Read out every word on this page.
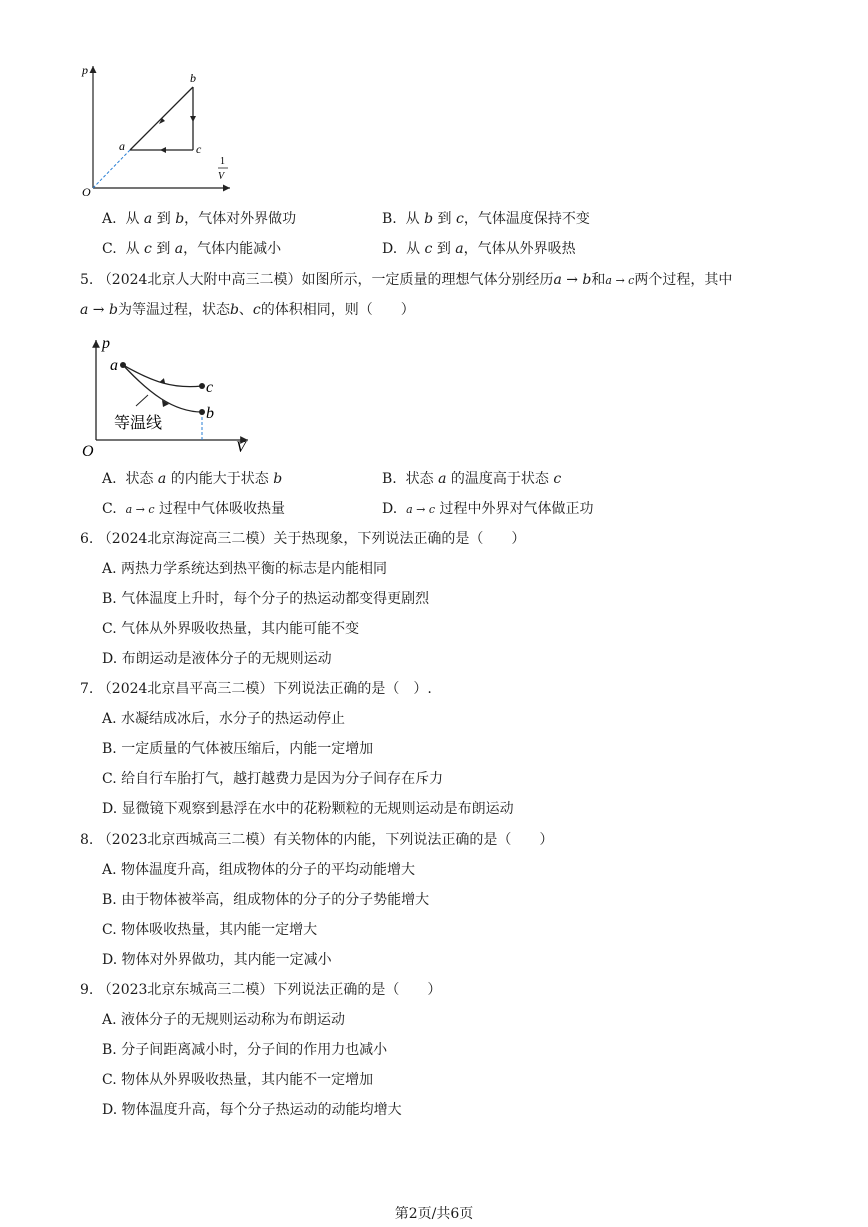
p
b
a	c
O
1
V
A. 从 a 到 b，气体对外界做功	B. 从 b 到 c，气体温度保持不变
C. 从 c 到 a，气体内能减小	D. 从 c 到 a，气体从外界吸热
5. （2024北京人大附中高三二模）如图所示，一定质量的理想气体分别经历a → b和a → c两个过程，其中
a → b为等温过程，状态b、c的体积相同，则（　　）
p
a
c
b
等温线
V
O
A. 状态 a 的内能大于状态 b	B. 状态 a 的温度高于状态 c
C. a → c 过程中气体吸收热量	D. a → c 过程中外界对气体做正功
6. （2024北京海淀高三二模）关于热现象，下列说法正确的是（　　）
A. 两热力学系统达到热平衡的标志是内能相同
B. 气体温度上升时，每个分子的热运动都变得更剧烈
C. 气体从外界吸收热量，其内能可能不变
D. 布朗运动是液体分子的无规则运动
7. （2024北京昌平高三二模）下列说法正确的是（　）.
A. 水凝结成冰后，水分子的热运动停止
B. 一定质量的气体被压缩后，内能一定增加
C. 给自行车胎打气，越打越费力是因为分子间存在斥力
D. 显微镜下观察到悬浮在水中的花粉颗粒的无规则运动是布朗运动
8. （2023北京西城高三二模）有关物体的内能，下列说法正确的是（　　）
A. 物体温度升高，组成物体的分子的平均动能增大
B. 由于物体被举高，组成物体的分子的分子势能增大
C. 物体吸收热量，其内能一定增大
D. 物体对外界做功，其内能一定减小
9. （2023北京东城高三二模）下列说法正确的是（　　）
A. 液体分子的无规则运动称为布朗运动
B. 分子间距离减小时，分子间的作用力也减小
C. 物体从外界吸收热量，其内能不一定增加
D. 物体温度升高，每个分子热运动的动能均增大
第2页/共6页
